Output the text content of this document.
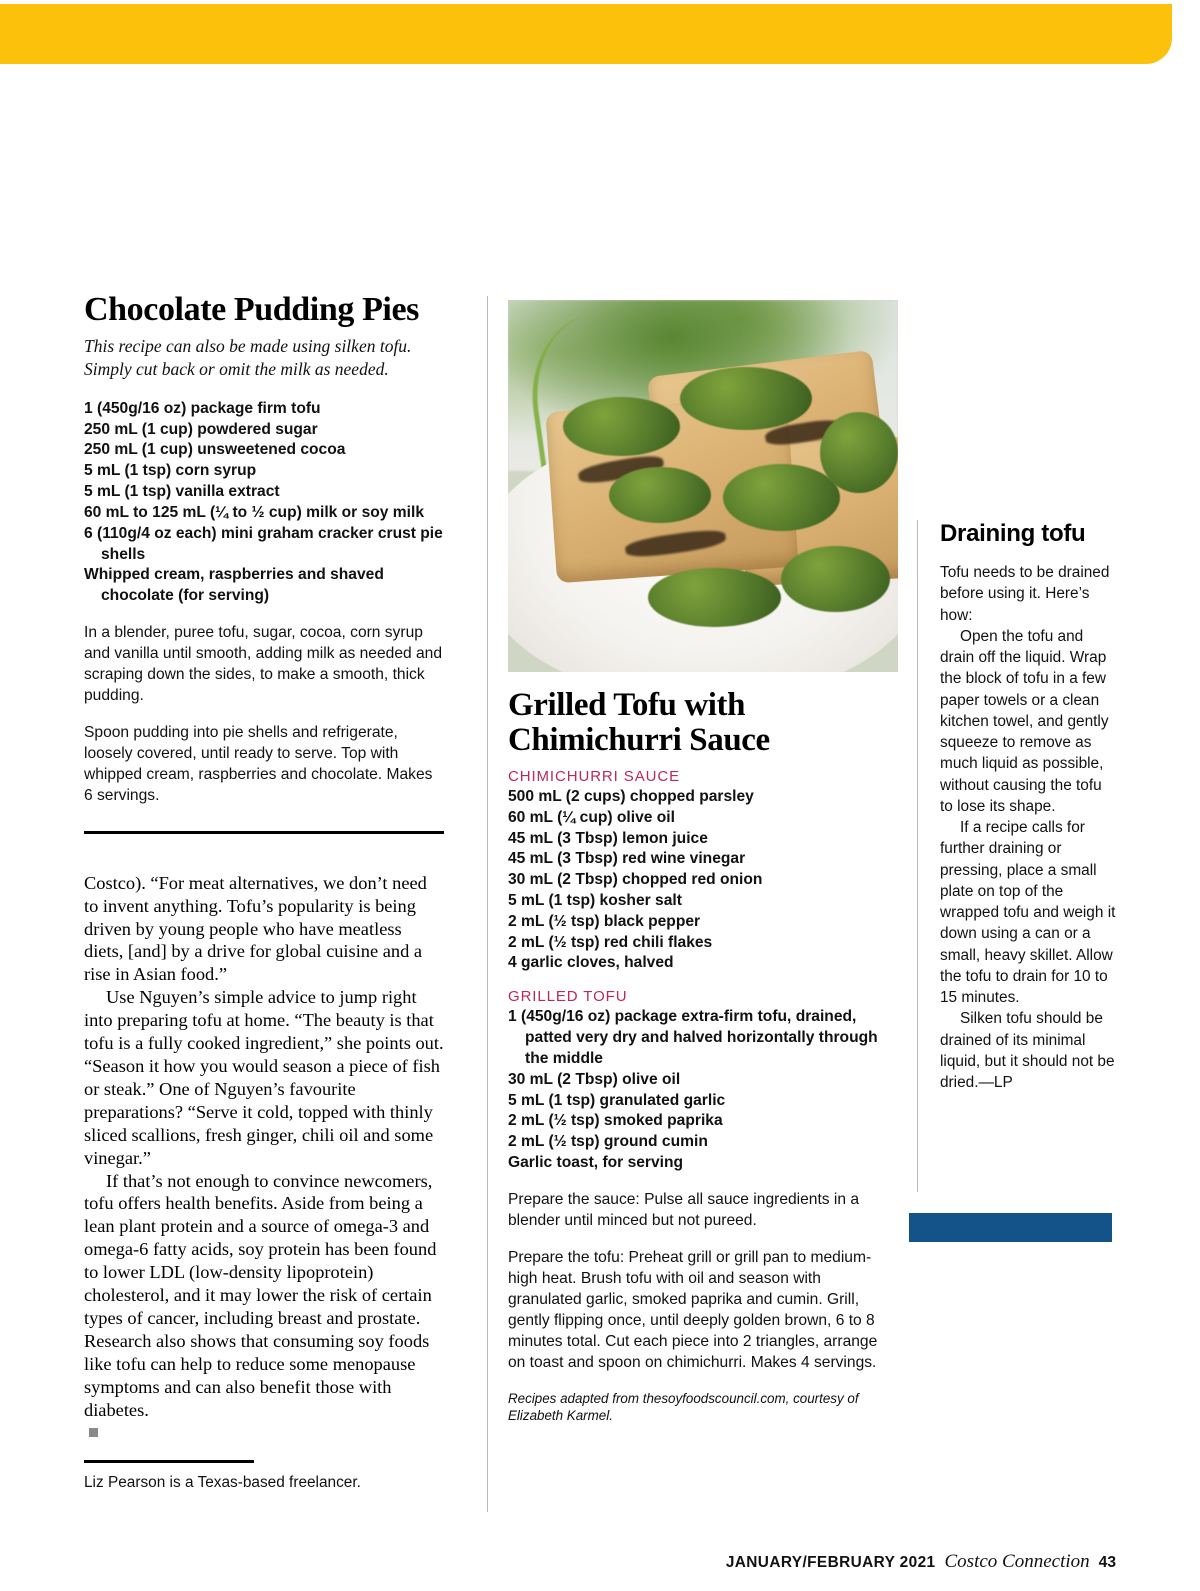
Chocolate Pudding Pies

This recipe can also be made using silken tofu. Simply cut back or omit the milk as needed.

1 (450g/16 oz) package firm tofu
250 mL (1 cup) powdered sugar
250 mL (1 cup) unsweetened cocoa
5 mL (1 tsp) corn syrup
5 mL (1 tsp) vanilla extract
60 mL to 125 mL (¼ to ½ cup) milk or soy milk
6 (110g/4 oz each) mini graham cracker crust pie shells
Whipped cream, raspberries and shaved chocolate (for serving)

In a blender, puree tofu, sugar, cocoa, corn syrup and vanilla until smooth, adding milk as needed and scraping down the sides, to make a smooth, thick pudding.

Spoon pudding into pie shells and refrigerate, loosely covered, until ready to serve. Top with whipped cream, raspberries and chocolate. Makes 6 servings.

Costco). “For meat alternatives, we don’t need to invent anything. Tofu’s popularity is being driven by young people who have meatless diets, [and] by a drive for global cuisine and a rise in Asian food.”

Use Nguyen’s simple advice to jump right into preparing tofu at home. “The beauty is that tofu is a fully cooked ingredient,” she points out. “Season it how you would season a piece of fish or steak.” One of Nguyen’s favourite preparations? “Serve it cold, topped with thinly sliced scallions, fresh ginger, chili oil and some vinegar.”

If that’s not enough to convince newcomers, tofu offers health benefits. Aside from being a lean plant protein and a source of omega-3 and omega-6 fatty acids, soy protein has been found to lower LDL (low-density lipoprotein) cholesterol, and it may lower the risk of certain types of cancer, including breast and prostate. Research also shows that consuming soy foods like tofu can help to reduce some menopause symptoms and can also benefit those with diabetes.

Liz Pearson is a Texas-based freelancer.

Grilled Tofu with Chimichurri Sauce

CHIMICHURRI SAUCE

500 mL (2 cups) chopped parsley
60 mL (¼ cup) olive oil
45 mL (3 Tbsp) lemon juice
45 mL (3 Tbsp) red wine vinegar
30 mL (2 Tbsp) chopped red onion
5 mL (1 tsp) kosher salt
2 mL (½ tsp) black pepper
2 mL (½ tsp) red chili flakes
4 garlic cloves, halved

GRILLED TOFU

1 (450g/16 oz) package extra-firm tofu, drained, patted very dry and halved horizontally through the middle
30 mL (2 Tbsp) olive oil
5 mL (1 tsp) granulated garlic
2 mL (½ tsp) smoked paprika
2 mL (½ tsp) ground cumin
Garlic toast, for serving

Prepare the sauce: Pulse all sauce ingredients in a blender until minced but not pureed.

Prepare the tofu: Preheat grill or grill pan to medium-high heat. Brush tofu with oil and season with granulated garlic, smoked paprika and cumin. Grill, gently flipping once, until deeply golden brown, 6 to 8 minutes total. Cut each piece into 2 triangles, arrange on toast and spoon on chimichurri. Makes 4 servings.

Recipes adapted from thesoyfoodscouncil.com, courtesy of Elizabeth Karmel.

Draining tofu

Tofu needs to be drained before using it. Here’s how:

Open the tofu and drain off the liquid. Wrap the block of tofu in a few paper towels or a clean kitchen towel, and gently squeeze to remove as much liquid as possible, without causing the tofu to lose its shape.

If a recipe calls for further draining or pressing, place a small plate on top of the wrapped tofu and weigh it down using a can or a small, heavy skillet. Allow the tofu to drain for 10 to 15 minutes.

Silken tofu should be drained of its minimal liquid, but it should not be dried.—LP

JANUARY/FEBRUARY 2021 Costco Connection 43
